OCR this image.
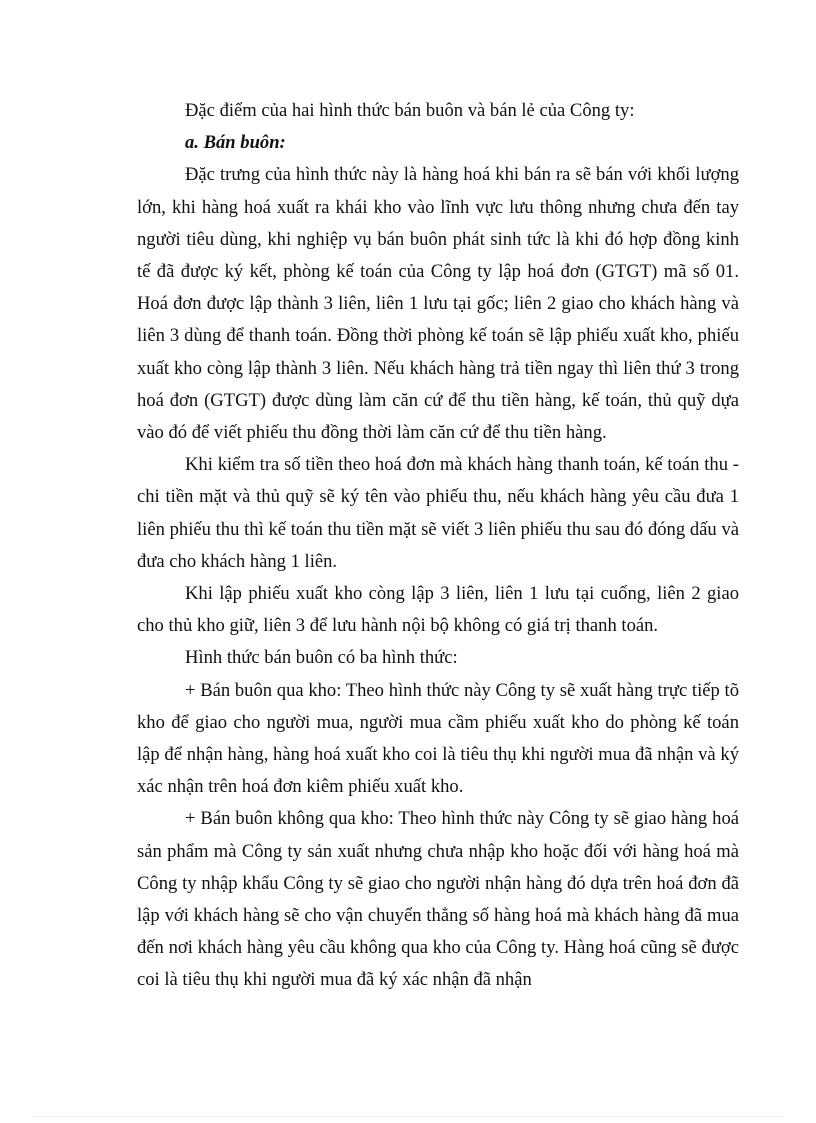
Đặc điểm của hai hình thức bán buôn và bán lẻ của Công ty:

a. Bán buôn:

Đặc trưng của hình thức này là hàng hoá khi bán ra sẽ bán với khối lượng lớn, khi hàng hoá xuất ra khái kho vào lĩnh vực lưu thông nhưng chưa đến tay người tiêu dùng, khi nghiệp vụ bán buôn phát sinh tức là khi đó hợp đồng kinh tế đã được ký kết, phòng kế toán của Công ty lập hoá đơn (GTGT) mã số 01. Hoá đơn được lập thành 3 liên, liên 1 lưu tại gốc; liên 2 giao cho khách hàng và liên 3 dùng để thanh toán. Đồng thời phòng kế toán sẽ lập phiếu xuất kho, phiếu xuất kho còng lập thành 3 liên. Nếu khách hàng trả tiền ngay thì liên thứ 3 trong hoá đơn (GTGT) được dùng làm căn cứ để thu tiền hàng, kế toán, thủ quỹ dựa vào đó để viết phiếu thu đồng thời làm căn cứ để thu tiền hàng.

Khi kiểm tra số tiền theo hoá đơn mà khách hàng thanh toán, kế toán thu - chi tiền mặt và thủ quỹ sẽ ký tên vào phiếu thu, nếu khách hàng yêu cầu đưa 1 liên phiếu thu thì kế toán thu tiền mặt sẽ viết 3 liên phiếu thu sau đó đóng dấu và đưa cho khách hàng 1 liên.

Khi lập phiếu xuất kho còng lập 3 liên, liên 1 lưu tại cuống, liên 2 giao cho thủ kho giữ, liên 3 để lưu hành nội bộ không có giá trị thanh toán.

Hình thức bán buôn có ba hình thức:

+ Bán buôn qua kho: Theo hình thức này Công ty sẽ xuất hàng trực tiếp tõ kho để giao cho người mua, người mua cầm phiếu xuất kho do phòng kế toán lập để nhận hàng, hàng hoá xuất kho coi là tiêu thụ khi người mua đã nhận và ký xác nhận trên hoá đơn kiêm phiếu xuất kho.

+ Bán buôn không qua kho: Theo hình thức này Công ty sẽ giao hàng hoá sản phẩm mà Công ty sản xuất nhưng chưa nhập kho hoặc đối với hàng hoá mà Công ty nhập khẩu Công ty sẽ giao cho người nhận hàng đó dựa trên hoá đơn đã lập với khách hàng sẽ cho vận chuyển thẳng số hàng hoá mà khách hàng đã mua đến nơi khách hàng yêu cầu không qua kho của Công ty. Hàng hoá cũng sẽ được coi là tiêu thụ khi người mua đã ký xác nhận đã nhận
